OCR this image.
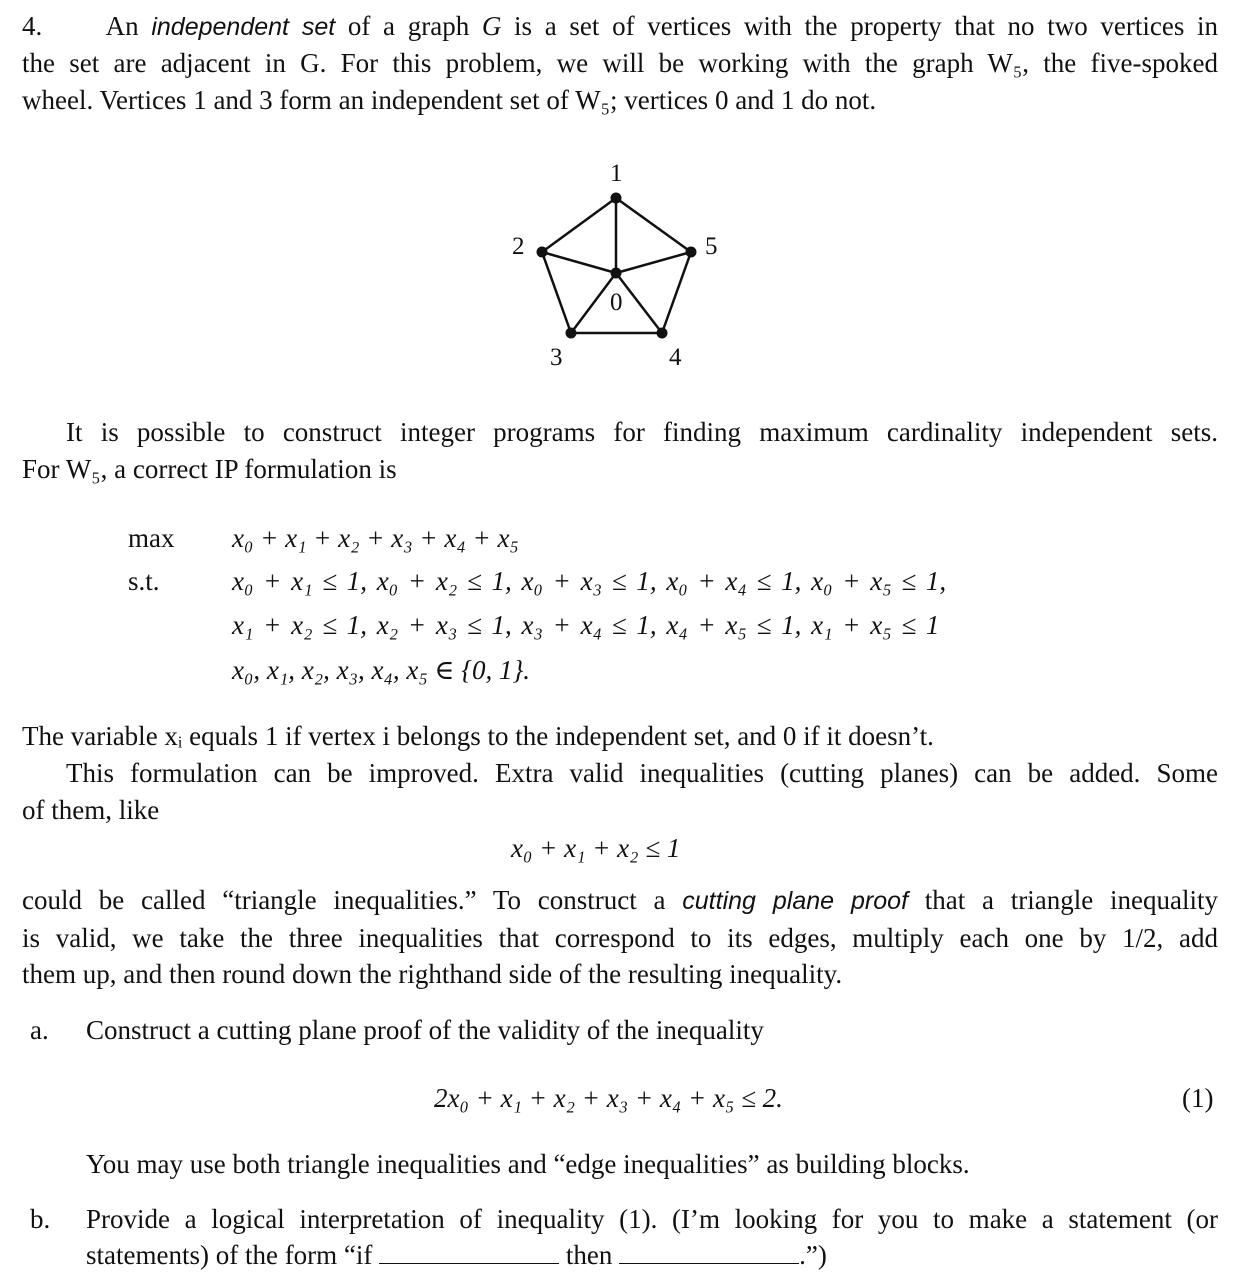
4. An independent set of a graph G is a set of vertices with the property that no two vertices in
the set are adjacent in G. For this problem, we will be working with the graph W₅, the five-spoked
wheel. Vertices 1 and 3 form an independent set of W₅; vertices 0 and 1 do not.
0
1
2
3	4
5
It is possible to construct integer programs for finding maximum cardinality independent sets.
For W₅, a correct IP formulation is
max x₀ + x₁ + x₂ + x₃ + x₄ + x₅
s.t.	x₀ + x₁ ≤ 1, x₀ + x₂ ≤ 1, x₀ + x₃ ≤ 1, x₀ + x₄ ≤ 1, x₀ + x₅ ≤ 1,
x₁ + x₂ ≤ 1, x₂ + x₃ ≤ 1, x₃ + x₄ ≤ 1, x₄ + x₅ ≤ 1, x₁ + x₅ ≤ 1
x₀, x₁, x₂, x₃, x₄, x₅ ∈ {0, 1}.
The variable xᵢ equals 1 if vertex i belongs to the independent set, and 0 if it doesn’t.
This formulation can be improved. Extra valid inequalities (cutting planes) can be added. Some
of them, like
x₀ + x₁ + x₂ ≤ 1
could be called “triangle inequalities.” To construct a cutting plane proof that a triangle inequality
is valid, we take the three inequalities that correspond to its edges, multiply each one by 1/2, add
them up, and then round down the righthand side of the resulting inequality.
a. Construct a cutting plane proof of the validity of the inequality
2x₀ + x₁ + x₂ + x₃ + x₄ + x₅ ≤ 2.	(1)
You may use both triangle inequalities and “edge inequalities” as building blocks.
b. Provide a logical interpretation of inequality (1). (I’m looking for you to make a statement (or
statements) of the form “if	then	.”)
